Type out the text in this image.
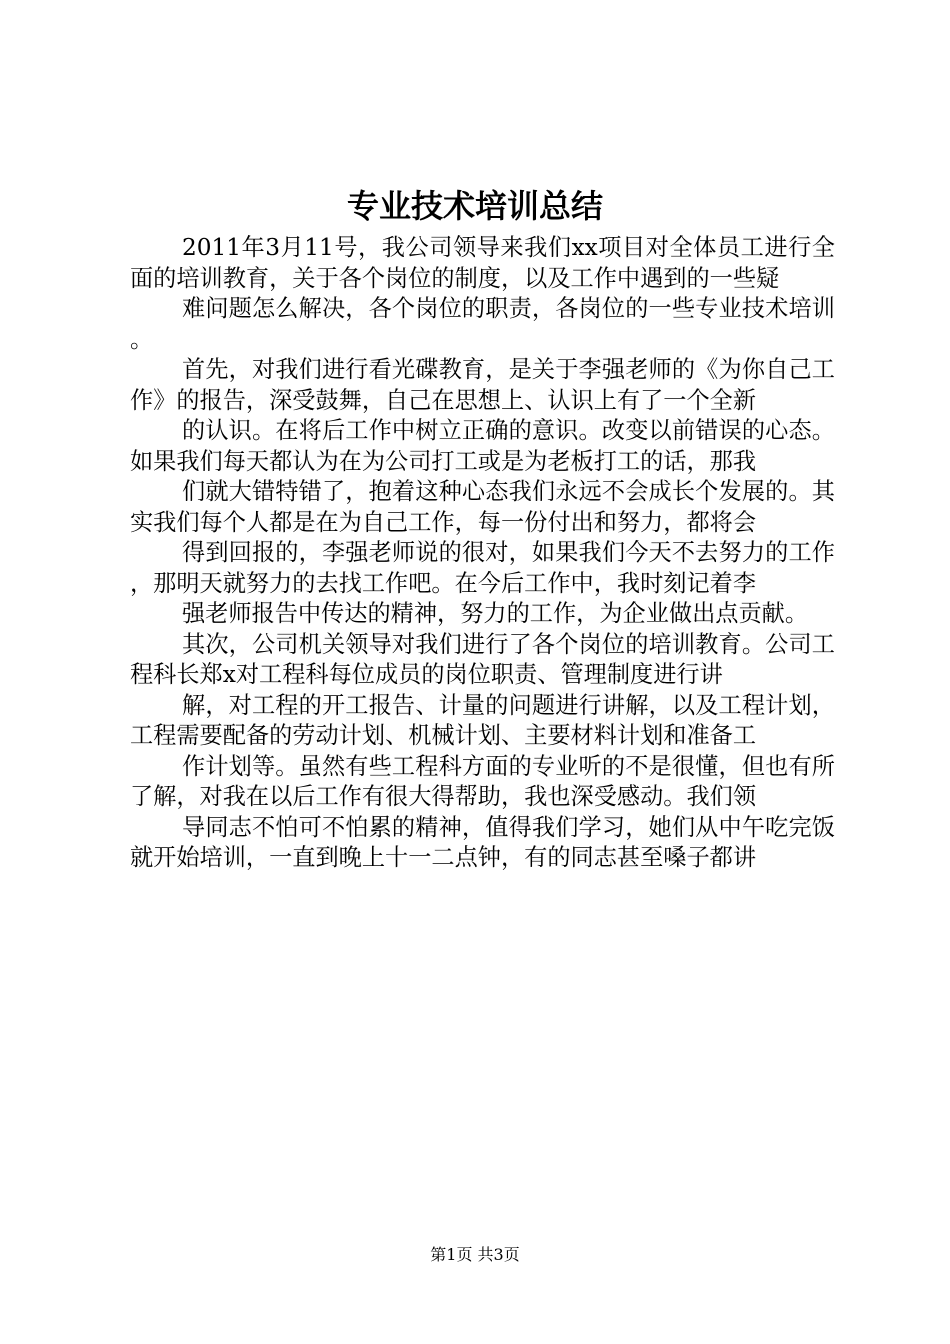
专业技术培训总结

2011年3月11号，我公司领导来我们xx项目对全体员工进行全面的培训教育，关于各个岗位的制度，以及工作中遇到的一些疑

难问题怎么解决，各个岗位的职责，各岗位的一些专业技术培训。

首先，对我们进行看光碟教育，是关于李强老师的《为你自己工作》的报告，深受鼓舞，自己在思想上、认识上有了一个全新

的认识。在将后工作中树立正确的意识。改变以前错误的心态。如果我们每天都认为在为公司打工或是为老板打工的话，那我

们就大错特错了，抱着这种心态我们永远不会成长个发展的。其实我们每个人都是在为自己工作，每一份付出和努力，都将会

得到回报的，李强老师说的很对，如果我们今天不去努力的工作，那明天就努力的去找工作吧。在今后工作中，我时刻记着李

强老师报告中传达的精神，努力的工作，为企业做出点贡献。

其次，公司机关领导对我们进行了各个岗位的培训教育。公司工程科长郑x对工程科每位成员的岗位职责、管理制度进行讲

解，对工程的开工报告、计量的问题进行讲解，以及工程计划，工程需要配备的劳动计划、机械计划、主要材料计划和准备工

作计划等。虽然有些工程科方面的专业听的不是很懂，但也有所了解，对我在以后工作有很大得帮助，我也深受感动。我们领

导同志不怕可不怕累的精神，值得我们学习，她们从中午吃完饭就开始培训，一直到晚上十一二点钟，有的同志甚至嗓子都讲

第1页 共3页
